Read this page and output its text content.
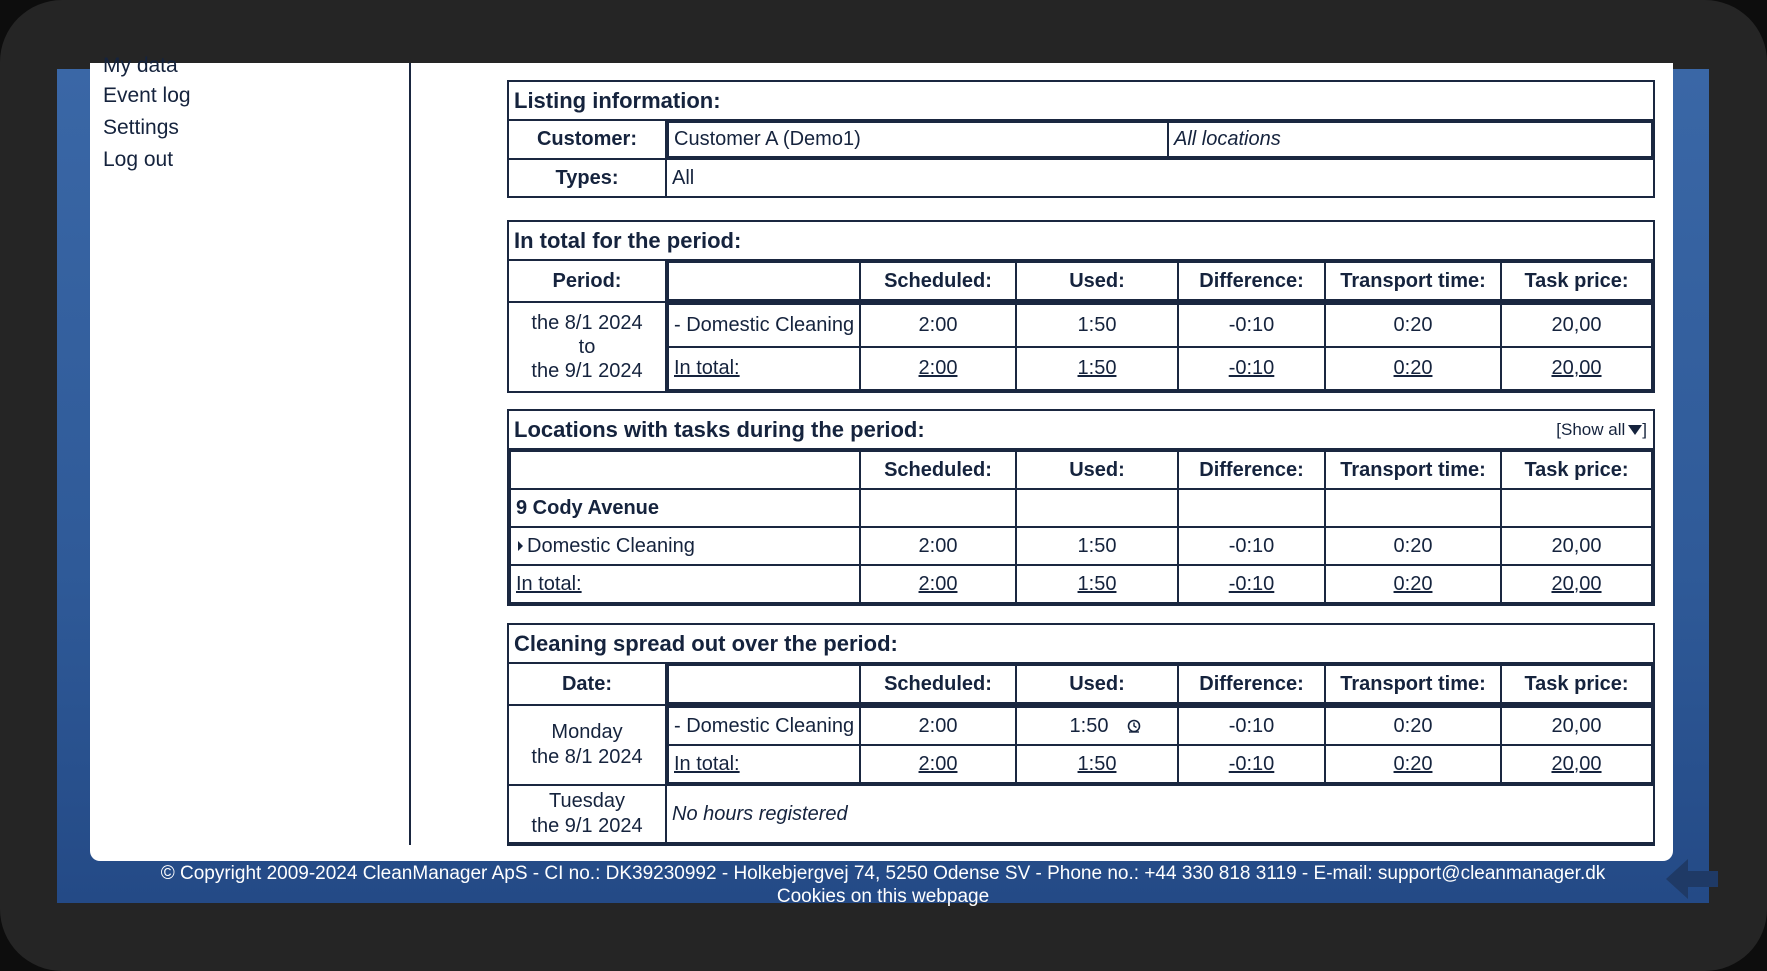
My data
Event log
Settings
Log out
Listing information:
Customer:	Customer A (Demo1)	All locations

Types:	All
In total for the period:
Period:	
		Scheduled:	Used:	Difference:	Transport time:	Task price:

the 8/1 2024
to
the 9/1 2024

- Domestic Cleaning	2:00	1:50	-0:10	0:20	20,00
In total:	2:00	1:50	-0:10	0:20	20,00
Locations with tasks during the period:	[Show all ]

	Scheduled:	Used:	Difference:	Transport time:	Task price:
9 Cody Avenue					
Domestic Cleaning	2:00	1:50	-0:10	0:20	20,00
In total:	2:00	1:50	-0:10	0:20	20,00
Cleaning spread out over the period:
Date:	
		Scheduled:	Used:	Difference:	Transport time:	Task price:

Monday
the 8/1 2024

- Domestic Cleaning	2:00	1:50	-0:10	0:20	20,00
In total:	2:00	1:50	-0:10	0:20	20,00

Tuesday
the 9/1 2024
	No hours registered
© Copyright 2009-2024 CleanManager ApS - CI no.: DK39230992 - Holkebjergvej 74, 5250 Odense SV - Phone no.: +44 330 818 3119 - E-mail: support@cleanmanager.dk
Cookies on this webpage
